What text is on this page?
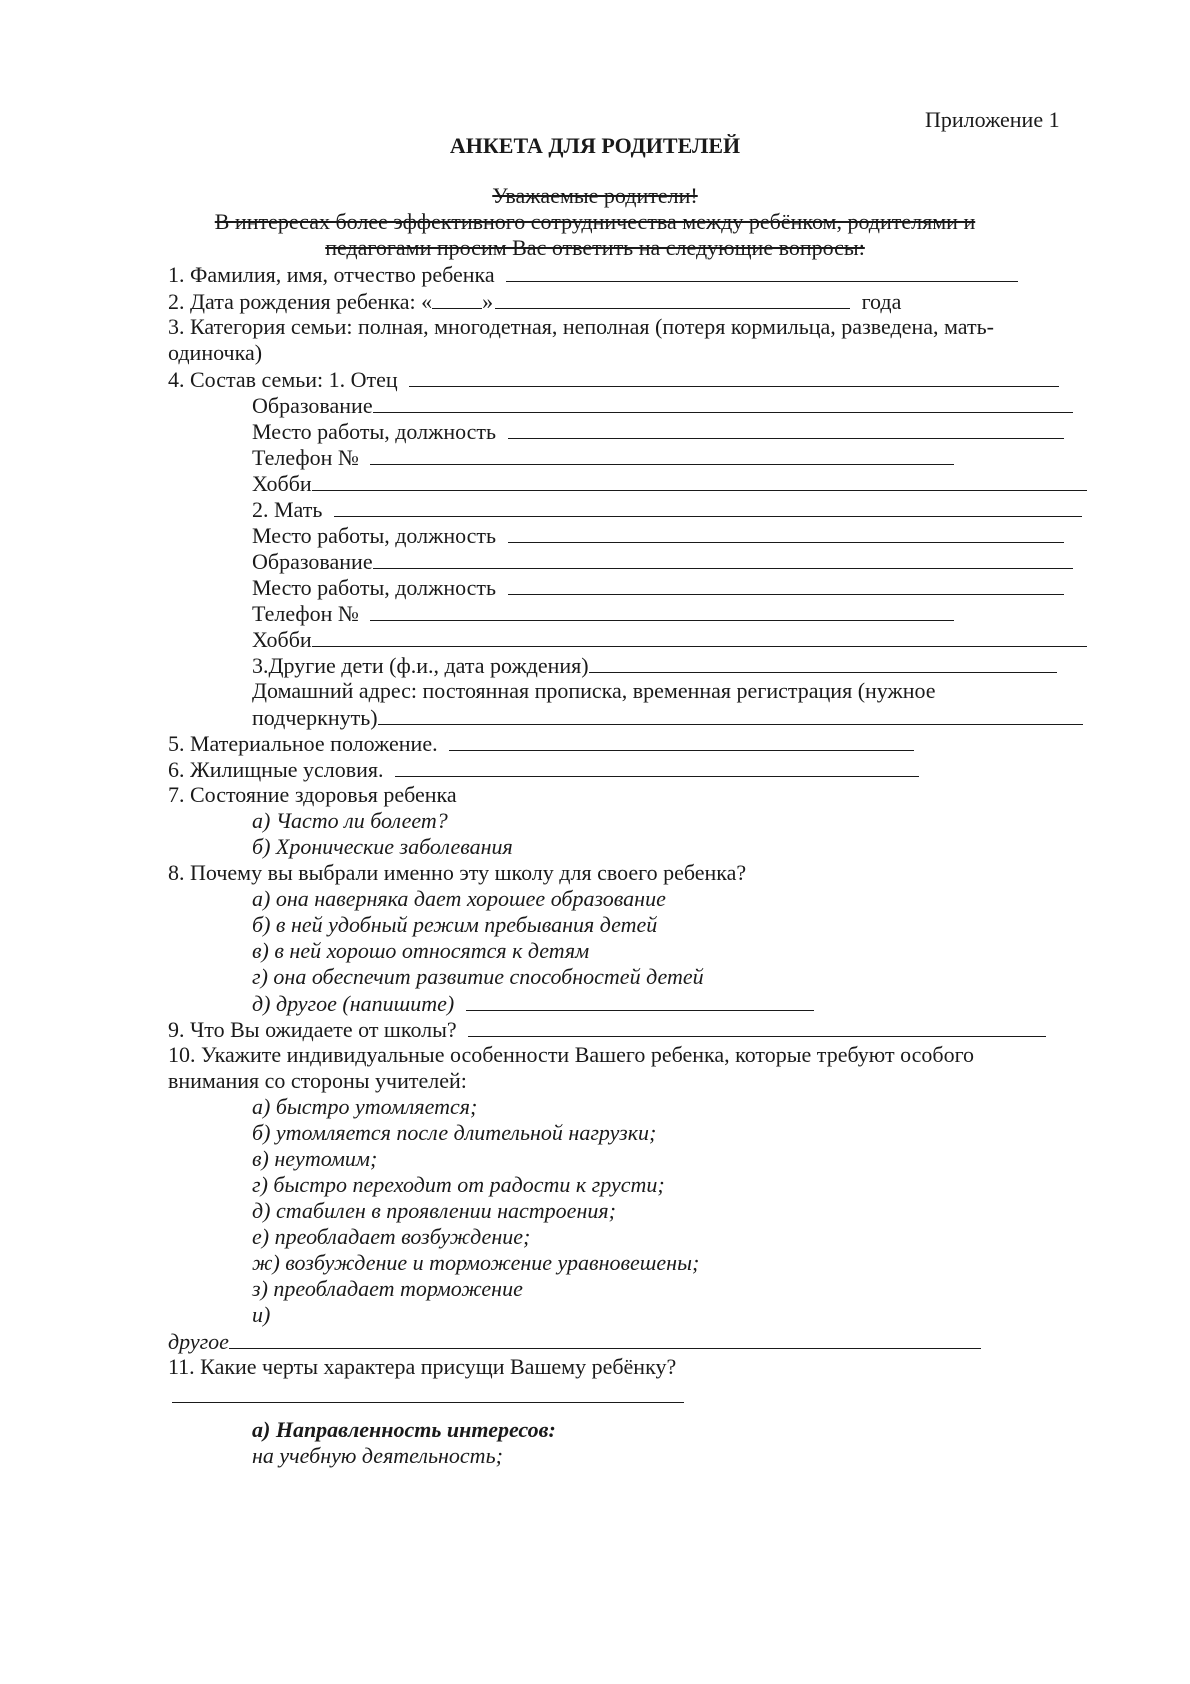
Приложение 1
АНКЕТА ДЛЯ РОДИТЕЛЕЙ
Уважаемые родители!
В интересах более эффективного сотрудничества между ребёнком, родителями и
педагогами просим Вас ответить на следующие вопросы:
1. Фамилия, имя, отчество ребенка
2. Дата рождения ребенка: « »	года
3. Категория семьи: полная, многодетная, неполная (потеря кормильца, разведена, мать-
одиночка)
4. Состав семьи: 1. Отец
Образование
Место работы, должность
Телефон №
Хобби
2. Мать
Место работы, должность
Образование
Место работы, должность
Телефон №
Хобби
3.Другие дети (ф.и., дата рождения)
Домашний адрес: постоянная прописка, временная регистрация (нужное
подчеркнуть)
5. Материальное положение.
6. Жилищные условия.
7. Состояние здоровья ребенка
а) Часто ли болеет?
б) Хронические заболевания
8. Почему вы выбрали именно эту школу для своего ребенка?
а) она наверняка дает хорошее образование
б) в ней удобный режим пребывания детей
в) в ней хорошо относятся к детям
г) она обеспечит развитие способностей детей
д) другое (напишите)
9. Что Вы ожидаете от школы?
10. Укажите индивидуальные особенности Вашего ребенка, которые требуют особого
внимания со стороны учителей:
а) быстро утомляется;
б) утомляется после длительной нагрузки;
в) неутомим;
г) быстро переходит от радости к грусти;
д) стабилен в проявлении настроения;
е) преобладает возбуждение;
ж) возбуждение и торможение уравновешены;
з) преобладает торможение
и)
другое
11. Какие черты характера присущи Вашему ребёнку?
а) Направленность интересов:
на учебную деятельность;
